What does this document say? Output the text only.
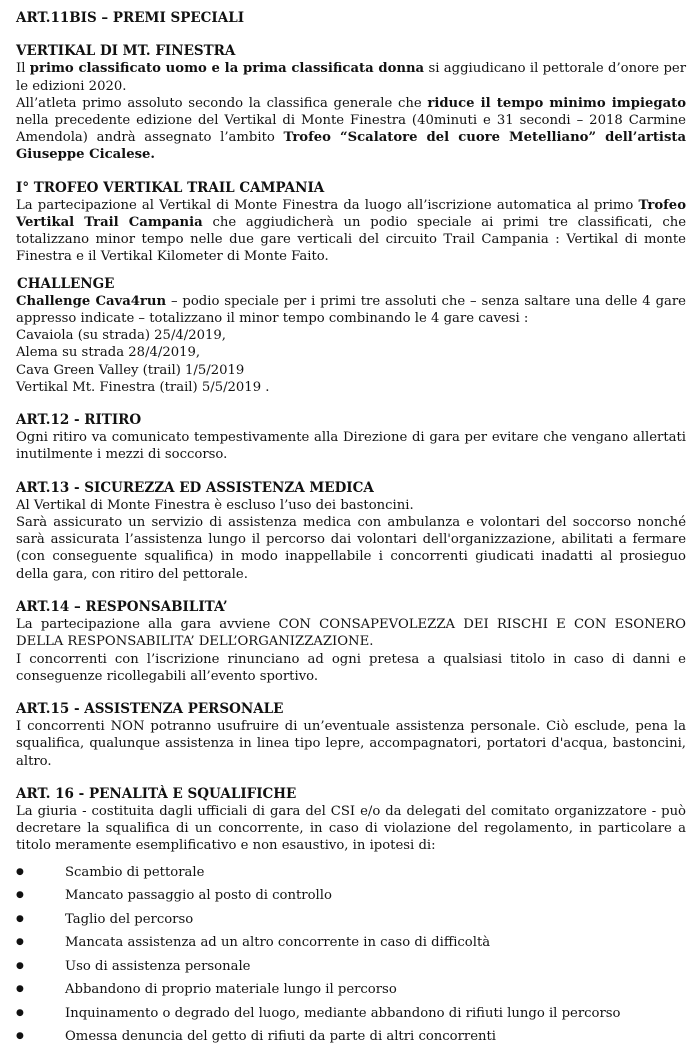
ART.11BIS – PREMI SPECIALI
VERTIKAL DI MT. FINESTRA

Il primo classificato uomo e la prima classificata donna si aggiudicano il pettorale d’onore per le edizioni 2020.

All’atleta primo assoluto secondo la classifica generale che riduce il tempo minimo impiegato nella precedente edizione del Vertikal di Monte Finestra (40minuti e 31 secondi – 2018 Carmine Amendola) andrà assegnato l’ambito Trofeo “Scalatore del cuore Metelliano” dell’artista Giuseppe Cicalese.

I° TROFEO VERTIKAL TRAIL CAMPANIA

La partecipazione al Vertikal di Monte Finestra da luogo all’iscrizione automatica al primo Trofeo Vertikal Trail Campania che aggiudicherà un podio speciale ai primi tre classificati, che totalizzano minor tempo nelle due gare verticali del circuito Trail Campania : Vertikal di monte Finestra e il Vertikal Kilometer di Monte Faito.

CHALLENGE

Challenge Cava4run – podio speciale per i primi tre assoluti che – senza saltare una delle 4 gare appresso indicate – totalizzano il minor tempo combinando le 4 gare cavesi :

Cavaiola (su strada) 25/4/2019,
Alema su strada 28/4/2019,
Cava Green Valley (trail) 1/5/2019
Vertikal Mt. Finestra (trail) 5/5/2019 .
ART.12 - RITIRO

Ogni ritiro va comunicato tempestivamente alla Direzione di gara per evitare che vengano allertati inutilmente i mezzi di soccorso.

ART.13 - SICUREZZA ED ASSISTENZA MEDICA
Al Vertikal di Monte Finestra è escluso l’uso dei bastoncini.

Sarà assicurato un servizio di assistenza medica con ambulanza e volontari del soccorso nonché sarà assicurata l’assistenza lungo il percorso dai volontari dell'organizzazione, abilitati a fermare (con conseguente squalifica) in modo inappellabile i concorrenti giudicati inadatti al prosieguo della gara, con ritiro del pettorale.

ART.14 – RESPONSABILITA’

La partecipazione alla gara avviene CON CONSAPEVOLEZZA DEI RISCHI E CON ESONERO DELLA RESPONSABILITA’ DELL’ORGANIZZAZIONE.

I concorrenti con l’iscrizione rinunciano ad ogni pretesa a qualsiasi titolo in caso di danni e conseguenze ricollegabili all’evento sportivo.

ART.15 - ASSISTENZA PERSONALE

I concorrenti NON potranno usufruire di un’eventuale assistenza personale. Ciò esclude, pena la squalifica, qualunque assistenza in linea tipo lepre, accompagnatori, portatori d'acqua, bastoncini, altro.

ART. 16 - PENALITÀ E SQUALIFICHE

La giuria - costituita dagli ufficiali di gara del CSI e/o da delegati del comitato organizzatore - può decretare la squalifica di un concorrente, in caso di violazione del regolamento, in particolare a titolo meramente esemplificativo e non esaustivo, in ipotesi di:

● Scambio di pettorale
● Mancato passaggio al posto di controllo
● Taglio del percorso
● Mancata assistenza ad un altro concorrente in caso di difficoltà
● Uso di assistenza personale
● Abbandono di proprio materiale lungo il percorso
● Inquinamento o degrado del luogo, mediante abbandono di rifiuti lungo il percorso
● Omessa denuncia del getto di rifiuti da parte di altri concorrenti
